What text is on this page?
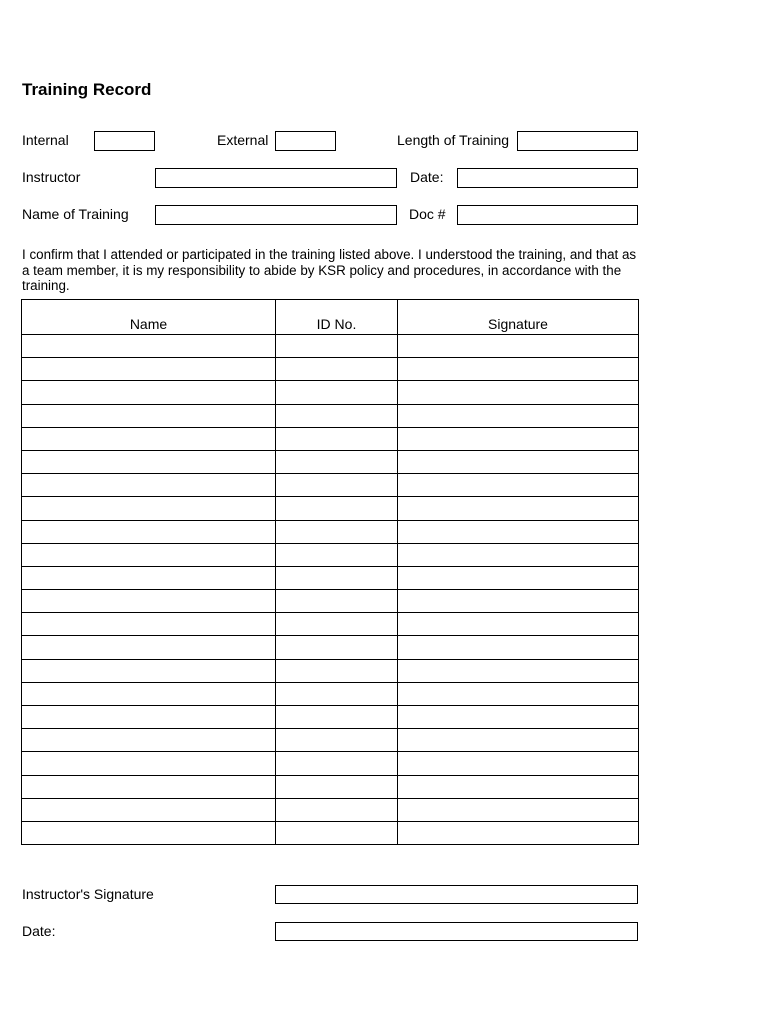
Training Record
Internal	External	Length of Training
Instructor	Date:
Name of Training	Doc #
I confirm that I attended or participated in the training listed above. I understood the training, and that as a team member, it is my responsibility to abide by KSR policy and procedures, in accordance with the training.
Name	ID No.	Signature

Instructor's Signature
Date:
